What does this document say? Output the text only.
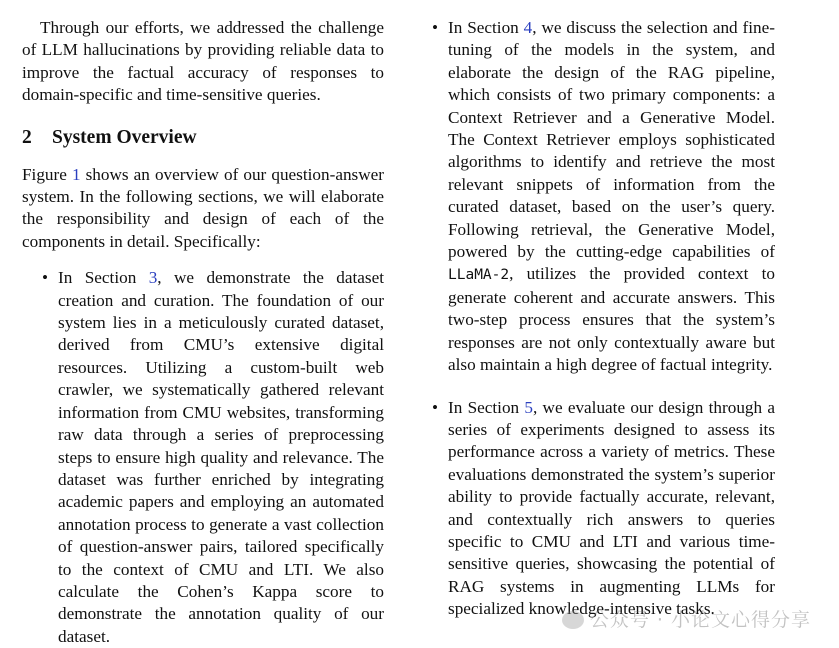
Through our efforts, we addressed the challenge of LLM hallucinations by providing reliable data to improve the factual accuracy of responses to domain-specific and time-sensitive queries.

2 System Overview

Figure 1 shows an overview of our question-answer system. In the following sections, we will elaborate the responsibility and design of each of the components in detail. Specifically:

• In Section 3, we demonstrate the dataset creation and curation. The foundation of our system lies in a meticulously curated dataset, derived from CMU’s extensive digital resources. Utilizing a custom-built web crawler, we systematically gathered relevant information from CMU websites, transforming raw data through a series of preprocessing steps to ensure high quality and relevance. The dataset was further enriched by integrating academic papers and employing an automated annotation process to generate a vast collection of question-answer pairs, tailored specifically to the context of CMU and LTI. We also calculate the Cohen’s Kappa score to demonstrate the annotation quality of our dataset.
• In Section 4, we discuss the selection and fine-tuning of the models in the system, and elaborate the design of the RAG pipeline, which consists of two primary components: a Context Retriever and a Generative Model. The Context Retriever employs sophisticated algorithms to identify and retrieve the most relevant snippets of information from the curated dataset, based on the user’s query. Following retrieval, the Generative Model, powered by the cutting-edge capabilities of LLaMA-2, utilizes the provided context to generate coherent and accurate answers. This two-step process ensures that the system’s responses are not only contextually aware but also maintain a high degree of factual integrity.
• In Section 5, we evaluate our design through a series of experiments designed to assess its performance across a variety of metrics. These evaluations demonstrated the system’s superior ability to provide factually accurate, relevant, and contextually rich answers to queries specific to CMU and LTI and various time-sensitive queries, showcasing the potential of RAG systems in augmenting LLMs for specialized knowledge-intensive tasks.
公众号 · 小论文心得分享
